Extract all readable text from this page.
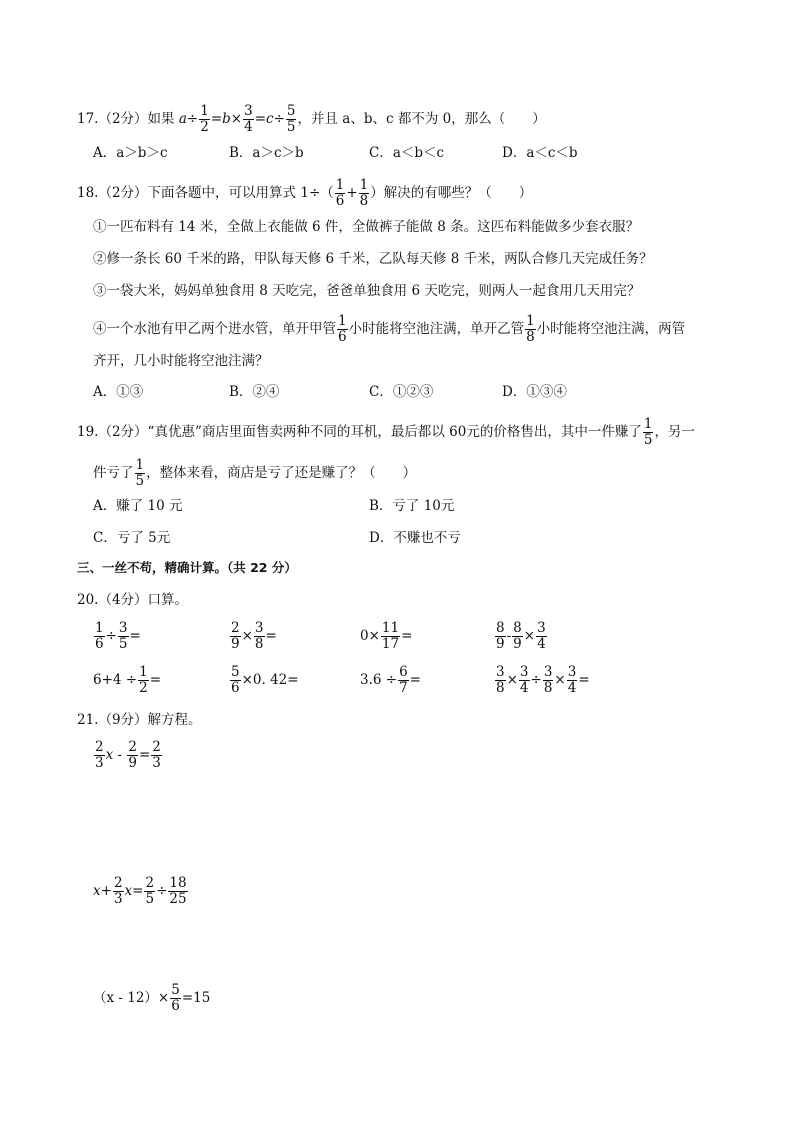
17.（2分）如果 $a\div \frac{1}{2} =b\times \frac{3}{4} =c\div \frac{5}{5}$ ，并且 a、b、c 都不为 0，那么（　　）
A．a＞b＞c	B．a＞c＞b	C．a＜b＜c	D．a＜c＜b
18.（2分）下面各题中，可以用算式 $1\div( \frac{1}{6} + \frac{1}{8}$ ）解决的有哪些？（　　）
①一匹布料有 14 米，全做上衣能做 6 件，全做裤子能做 8 条。这匹布料能做多少套衣服？
②修一条长 60 千米的路，甲队每天修 6 千米，乙队每天修 8 千米，两队合修几天完成任务？
③一袋大米，妈妈单独食用 8 天吃完，爸爸单独食用 6 天吃完，则两人一起食用几天用完？
④一个水池有甲乙两个进水管，单开甲管 $\frac{1}{6}$ 小时能将空池注满，单开乙管 $\frac{1}{8}$ 小时能将空池注满，两管
齐开，几小时能将空池注满？
A．①③	B．②④	C．①②③	D．①③④
19.（2分）“真优惠”商店里面售卖两种不同的耳机，最后都以 60元的价格售出，其中一件赚了 $\frac{1}{5}$ ，另一
件亏了 $\frac{1}{5}$ ，整体来看，商店是亏了还是赚了？（　　）
A．赚了 10 元	B．亏了 10元
C．亏了 5元	D．不赚也不亏
三、一丝不苟，精确计算。（共 22 分）
20.（4分）口算。
$\frac{1}{6} \div \frac{3}{5}$ =	$\frac{2}{9} \times \frac{3}{8}$ =	$0\times \frac{11}{17}$ =	$\frac{8}{9} - \frac{8}{9} \times \frac{3}{4}$
$6+4 \div \frac{1}{2}$ =	$\frac{5}{6} \times 0$. 42=	$3.6 \div \frac{6}{7}$ =	$\frac{3}{8} \times \frac{3}{4} \div \frac{3}{8} \times \frac{3}{4}$ =
21.（9分）解方程。
$\frac{2}{3}$ $x - \frac{2}{9} = \frac{2}{3}$
$x+ \frac{2}{3} x= \frac{2}{5} \div \frac{18}{25}$
$(x - 12)\times \frac{5}{6} =15$
